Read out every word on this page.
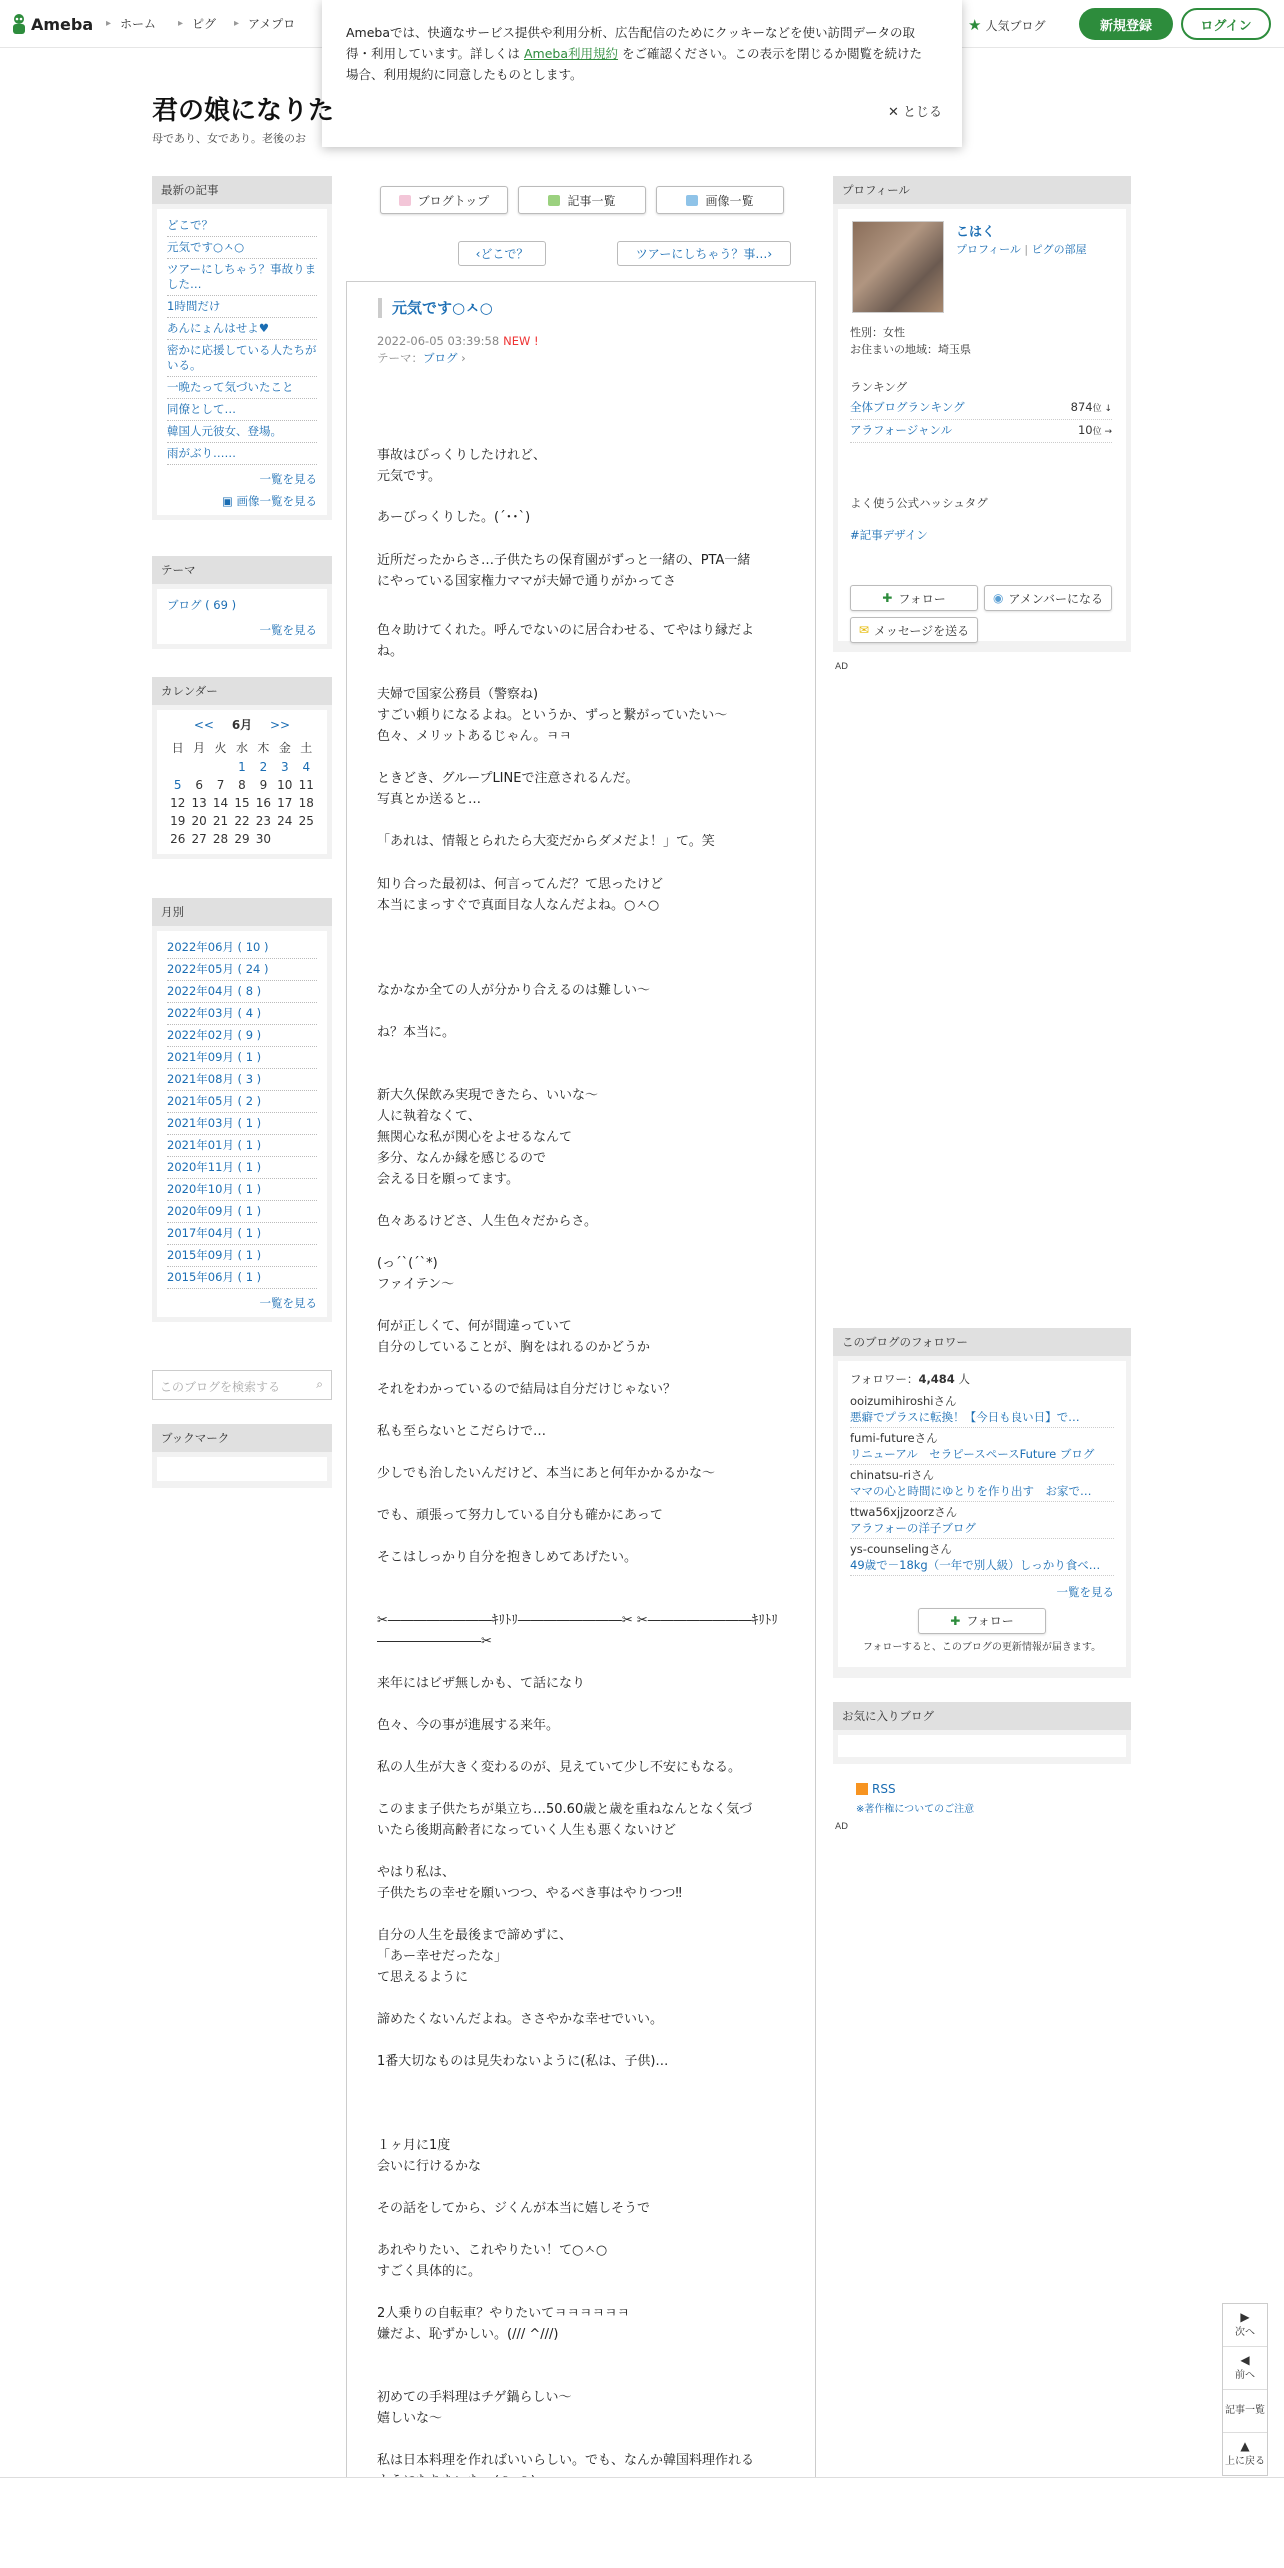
Ameba ▸ ホーム ▸ ピグ ▸ アメプロ	★ 人気ブログ	新規登録	ログイン
Amebaでは、快適なサービス提供や利用分析、広告配信のためにクッキーなどを使い訪問データの取
得・利用しています。詳しくは Ameba利用規約 をご確認ください。この表示を閉じるか閲覧を続けた
場合、利用規約に同意したものとします。
✕ とじる
君の娘になりた
母であり、女であり。老後のお
最新の記事
どこで？
元気です○ㅅ○
ツアーにしちゃう？事故りました…
1時間だけ
あんにょんはせよ♥
密かに応援している人たちがいる。
一晩たって気づいたこと
同僚として…
韓国人元彼女、登場。
雨がぶり……
一覧を見る
▣ 画像一覧を見る
テーマ
ブログ ( 69 )
一覧を見る
カレンダー
<< 6月 >>
日	月	火	水	木	金	土
			1	2	3	4
5	6	7	8	9	10	11
12	13	14	15	16	17	18
19	20	21	22	23	24	25
26	27	28	29	30		
月別
2022年06月 ( 10 )
2022年05月 ( 24 )
2022年04月 ( 8 )
2022年03月 ( 4 )
2022年02月 ( 9 )
2021年09月 ( 1 )
2021年08月 ( 3 )
2021年05月 ( 2 )
2021年03月 ( 1 )
2021年01月 ( 1 )
2020年11月 ( 1 )
2020年10月 ( 1 )
2020年09月 ( 1 )
2017年04月 ( 1 )
2015年09月 ( 1 )
2015年06月 ( 1 )
一覧を見る
このブログを検索する	⌕
ブックマーク
ブログトップ	記事一覧	画像一覧
‹ どこで？	ツアーにしちゃう？事… ›
元気です○ㅅ○
2022-06-05 03:39:58 NEW !
テーマ：ブログ ›
事故はびっくりしたけれど、
元気です。
あーびっくりした。(´･･`)
近所だったからさ…子供たちの保育園がずっと一緒の、PTA一緒
にやっている国家権力ママが夫婦で通りがかってさ
色々助けてくれた。呼んでないのに居合わせる、てやはり縁だよ
ね。
夫婦で国家公務員（警察ね)
すごい頼りになるよね。というか、ずっと繋がっていたい～
色々、メリットあるじゃん。ㅋㅋ
ときどき、グループLINEで注意されるんだ。
写真とか送ると…
「あれは、情報とられたら大変だからダメだよ！」て。笑
知り合った最初は、何言ってんだ？て思ったけど
本当にまっすぐで真面目な人なんだよね。○ㅅ○
なかなか全ての人が分かり合えるのは難しい～
ね？本当に。
新大久保飲み実現できたら、いいな～
人に執着なくて、
無関心な私が関心をよせるなんて
多分、なんか縁を感じるので
会える日を願ってます。
色々あるけどさ、人生色々だからさ。
(っ´`(´`*)
ファイテン～
何が正しくて、何が間違っていて
自分のしていることが、胸をはれるのかどうか
それをわかっているので結局は自分だけじゃない？
私も至らないとこだらけで…
少しでも治したいんだけど、本当にあと何年かかるかな～
でも、頑張って努力している自分も確かにあって
そこはしっかり自分を抱きしめてあげたい。
✂︎――――――――ｷﾘﾄﾘ――――――――✂︎ ✂︎――――――――ｷﾘﾄﾘ
――――――――✂︎
来年にはビザ無しかも、て話になり
色々、今の事が進展する来年。
私の人生が大きく変わるのが、見えていて少し不安にもなる。
このまま子供たちが巣立ち…50.60歳と歳を重ねなんとなく気づ
いたら後期高齢者になっていく人生も悪くないけど
やはり私は、
子供たちの幸せを願いつつ、やるべき事はやりつつ‼
自分の人生を最後まで諦めずに、
「あー幸せだったな」
て思えるように
諦めたくないんだよね。ささやかな幸せでいい。
1番大切なものは見失わないように(私は、子供)…
１ヶ月に1度
会いに行けるかな
その話をしてから、ジくんが本当に嬉しそうで
あれやりたい、これやりたい！て○ㅅ○
すごく具体的に。
2人乗りの自転車？やりたいてㅋㅋㅋㅋㅋㅋ
嫌だよ、恥ずかしい。(/// ^///)
初めての手料理はチゲ鍋らしい～
嬉しいな～
私は日本料理を作ればいいらしい。でも、なんか韓国料理作れる

プロフィール
こはく
プロフィール | ピグの部屋
性別：女性
お住まいの地域：埼玉県
ランキング
全体ブログランキング	874位 ↓
アラフォージャンル	10位 →
よく使う公式ハッシュタグ
#記事デザイン
✚ フォロー	◉ アメンバーになる
✉ メッセージを送る
AD
このブログのフォロワー
フォロワー：4,484 人
ooizumihiroshiさん
悪癖でプラスに転換！【今日も良い日】で…
fumi-futureさん
リニューアル　セラピースペースFuture ブログ
chinatsu-riさん
ママの心と時間にゆとりを作り出す　お家で…
ttwa56xjjzoorzさん
アラフォーの洋子ブログ
ys-counselingさん
49歳で－18kg（一年で別人級）しっかり食べ…
一覧を見る
✚ フォロー
フォローすると、このブログの更新情報が届きます。
お気に入りブログ
RSS
※著作権についてのご注意
AD
▶
次へ
◀
前へ
記事一覧
▲
上に戻る
